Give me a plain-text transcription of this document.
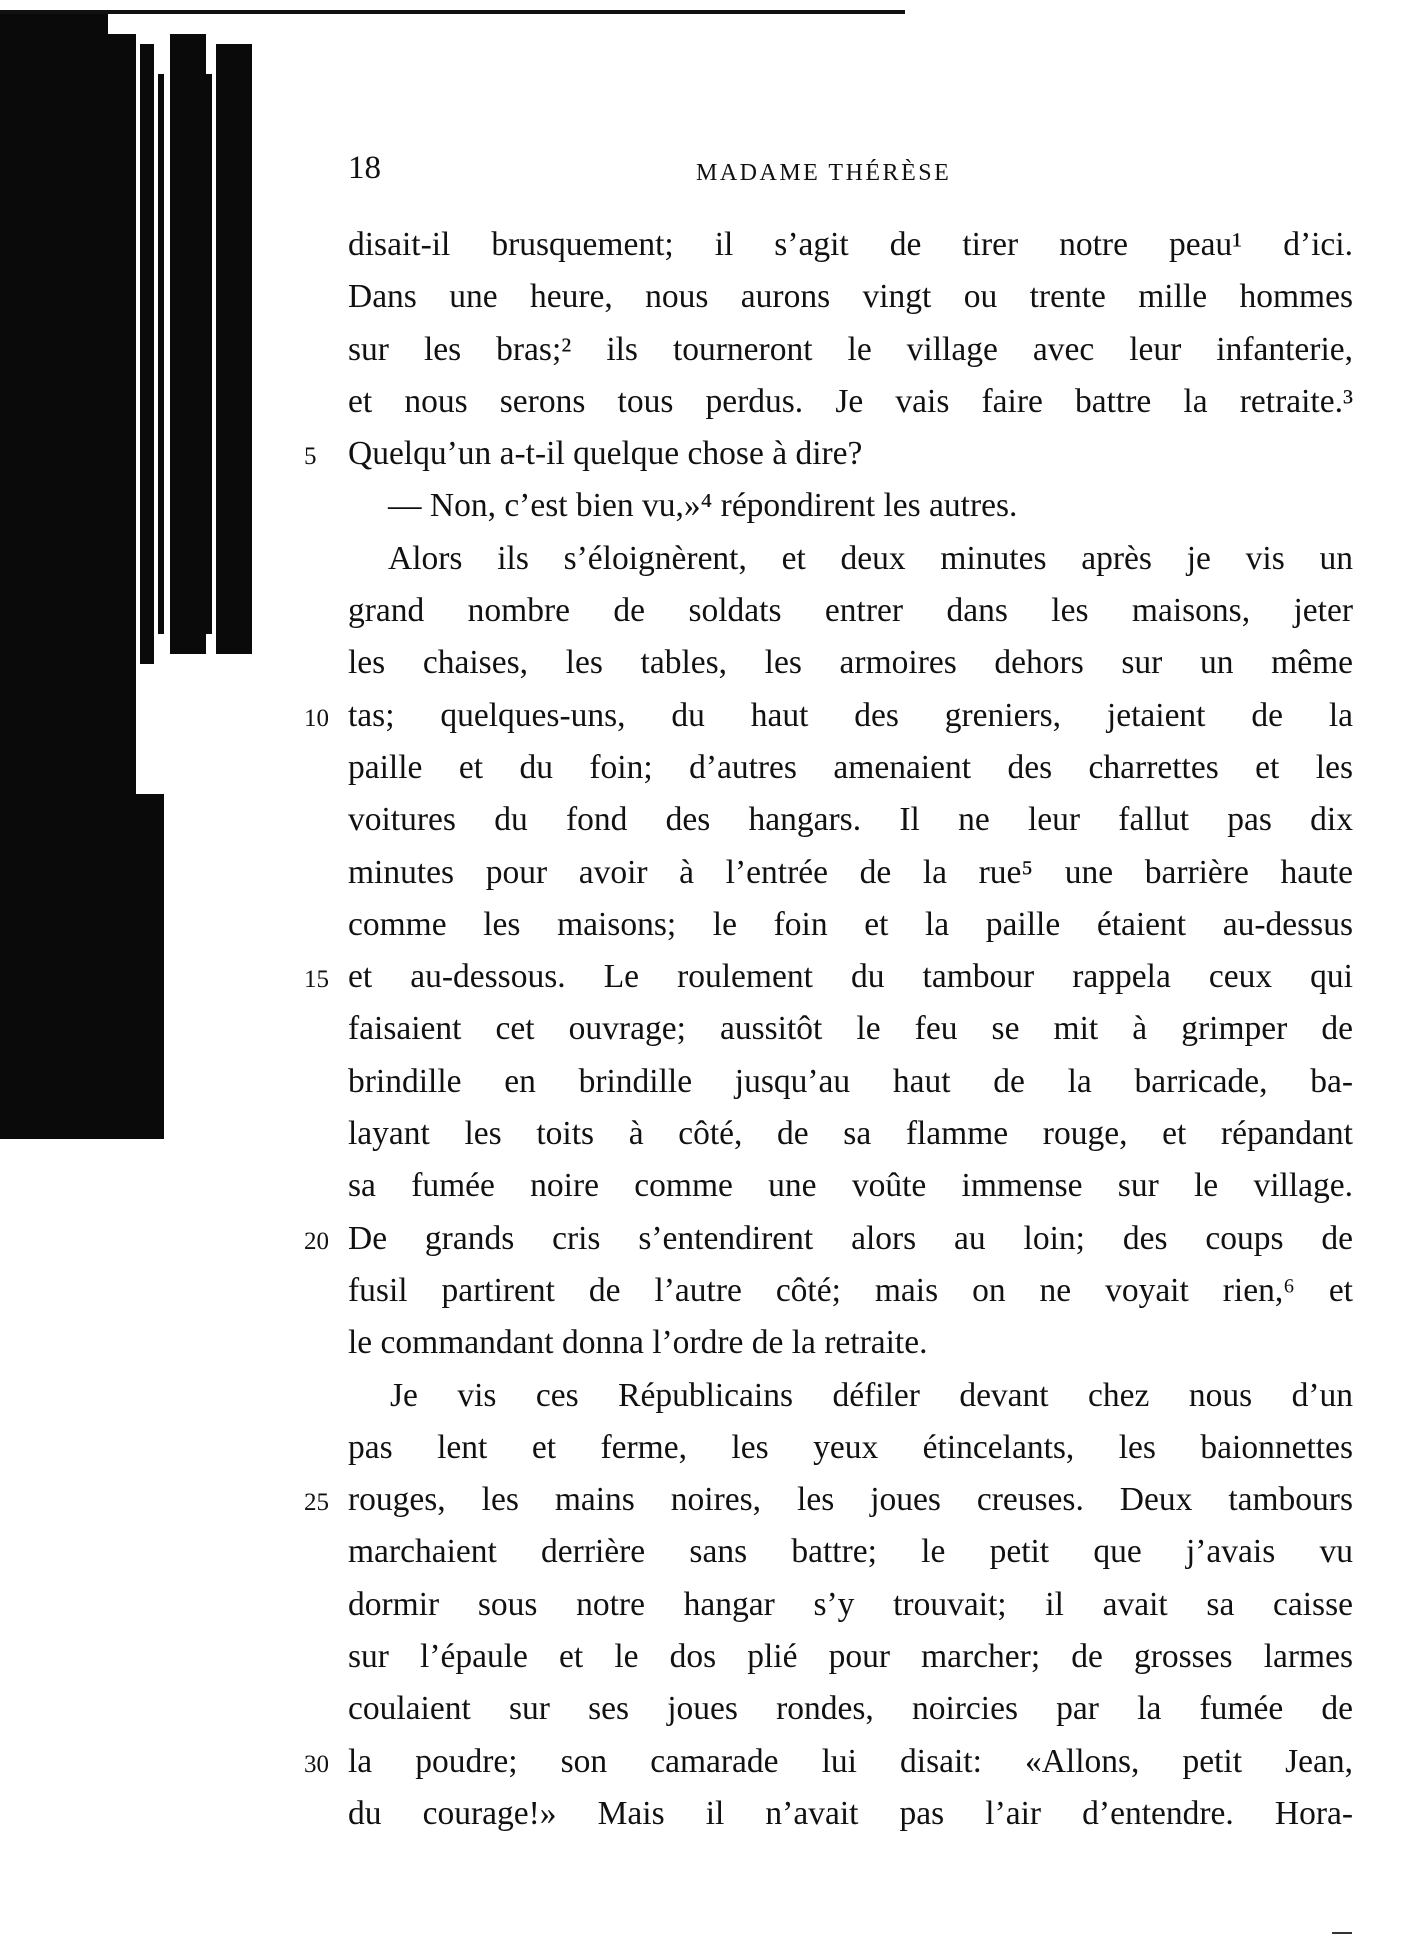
18	MADAME THÉRÈSE
disait-il brusquement; il s’agit de tirer notre peau¹ d’ici.
Dans une heure, nous aurons vingt ou trente mille hommes
sur les bras;² ils tourneront le village avec leur infanterie,
et nous serons tous perdus. Je vais faire battre la retraite.³
5 Quelqu’un a-t-il quelque chose à dire?
— Non, c’est bien vu,»⁴ répondirent les autres.
Alors ils s’éloignèrent, et deux minutes après je vis un
grand nombre de soldats entrer dans les maisons, jeter
les chaises, les tables, les armoires dehors sur un même
10 tas; quelques-uns, du haut des greniers, jetaient de la
paille et du foin; d’autres amenaient des charrettes et les
voitures du fond des hangars. Il ne leur fallut pas dix
minutes pour avoir à l’entrée de la rue⁵ une barrière haute
comme les maisons; le foin et la paille étaient au-dessus
15 et au-dessous. Le roulement du tambour rappela ceux qui
faisaient cet ouvrage; aussitôt le feu se mit à grimper de
brindille en brindille jusqu’au haut de la barricade, ba-
layant les toits à côté, de sa flamme rouge, et répandant
sa fumée noire comme une voûte immense sur le village.
20 De grands cris s’entendirent alors au loin; des coups de
fusil partirent de l’autre côté; mais on ne voyait rien,⁶ et
le commandant donna l’ordre de la retraite.
Je vis ces Républicains défiler devant chez nous d’un
pas lent et ferme, les yeux étincelants, les baionnettes
25 rouges, les mains noires, les joues creuses. Deux tambours
marchaient derrière sans battre; le petit que j’avais vu
dormir sous notre hangar s’y trouvait; il avait sa caisse
sur l’épaule et le dos plié pour marcher; de grosses larmes
coulaient sur ses joues rondes, noircies par la fumée de
30 la poudre; son camarade lui disait: «Allons, petit Jean,
du courage!» Mais il n’avait pas l’air d’entendre. Hora-
